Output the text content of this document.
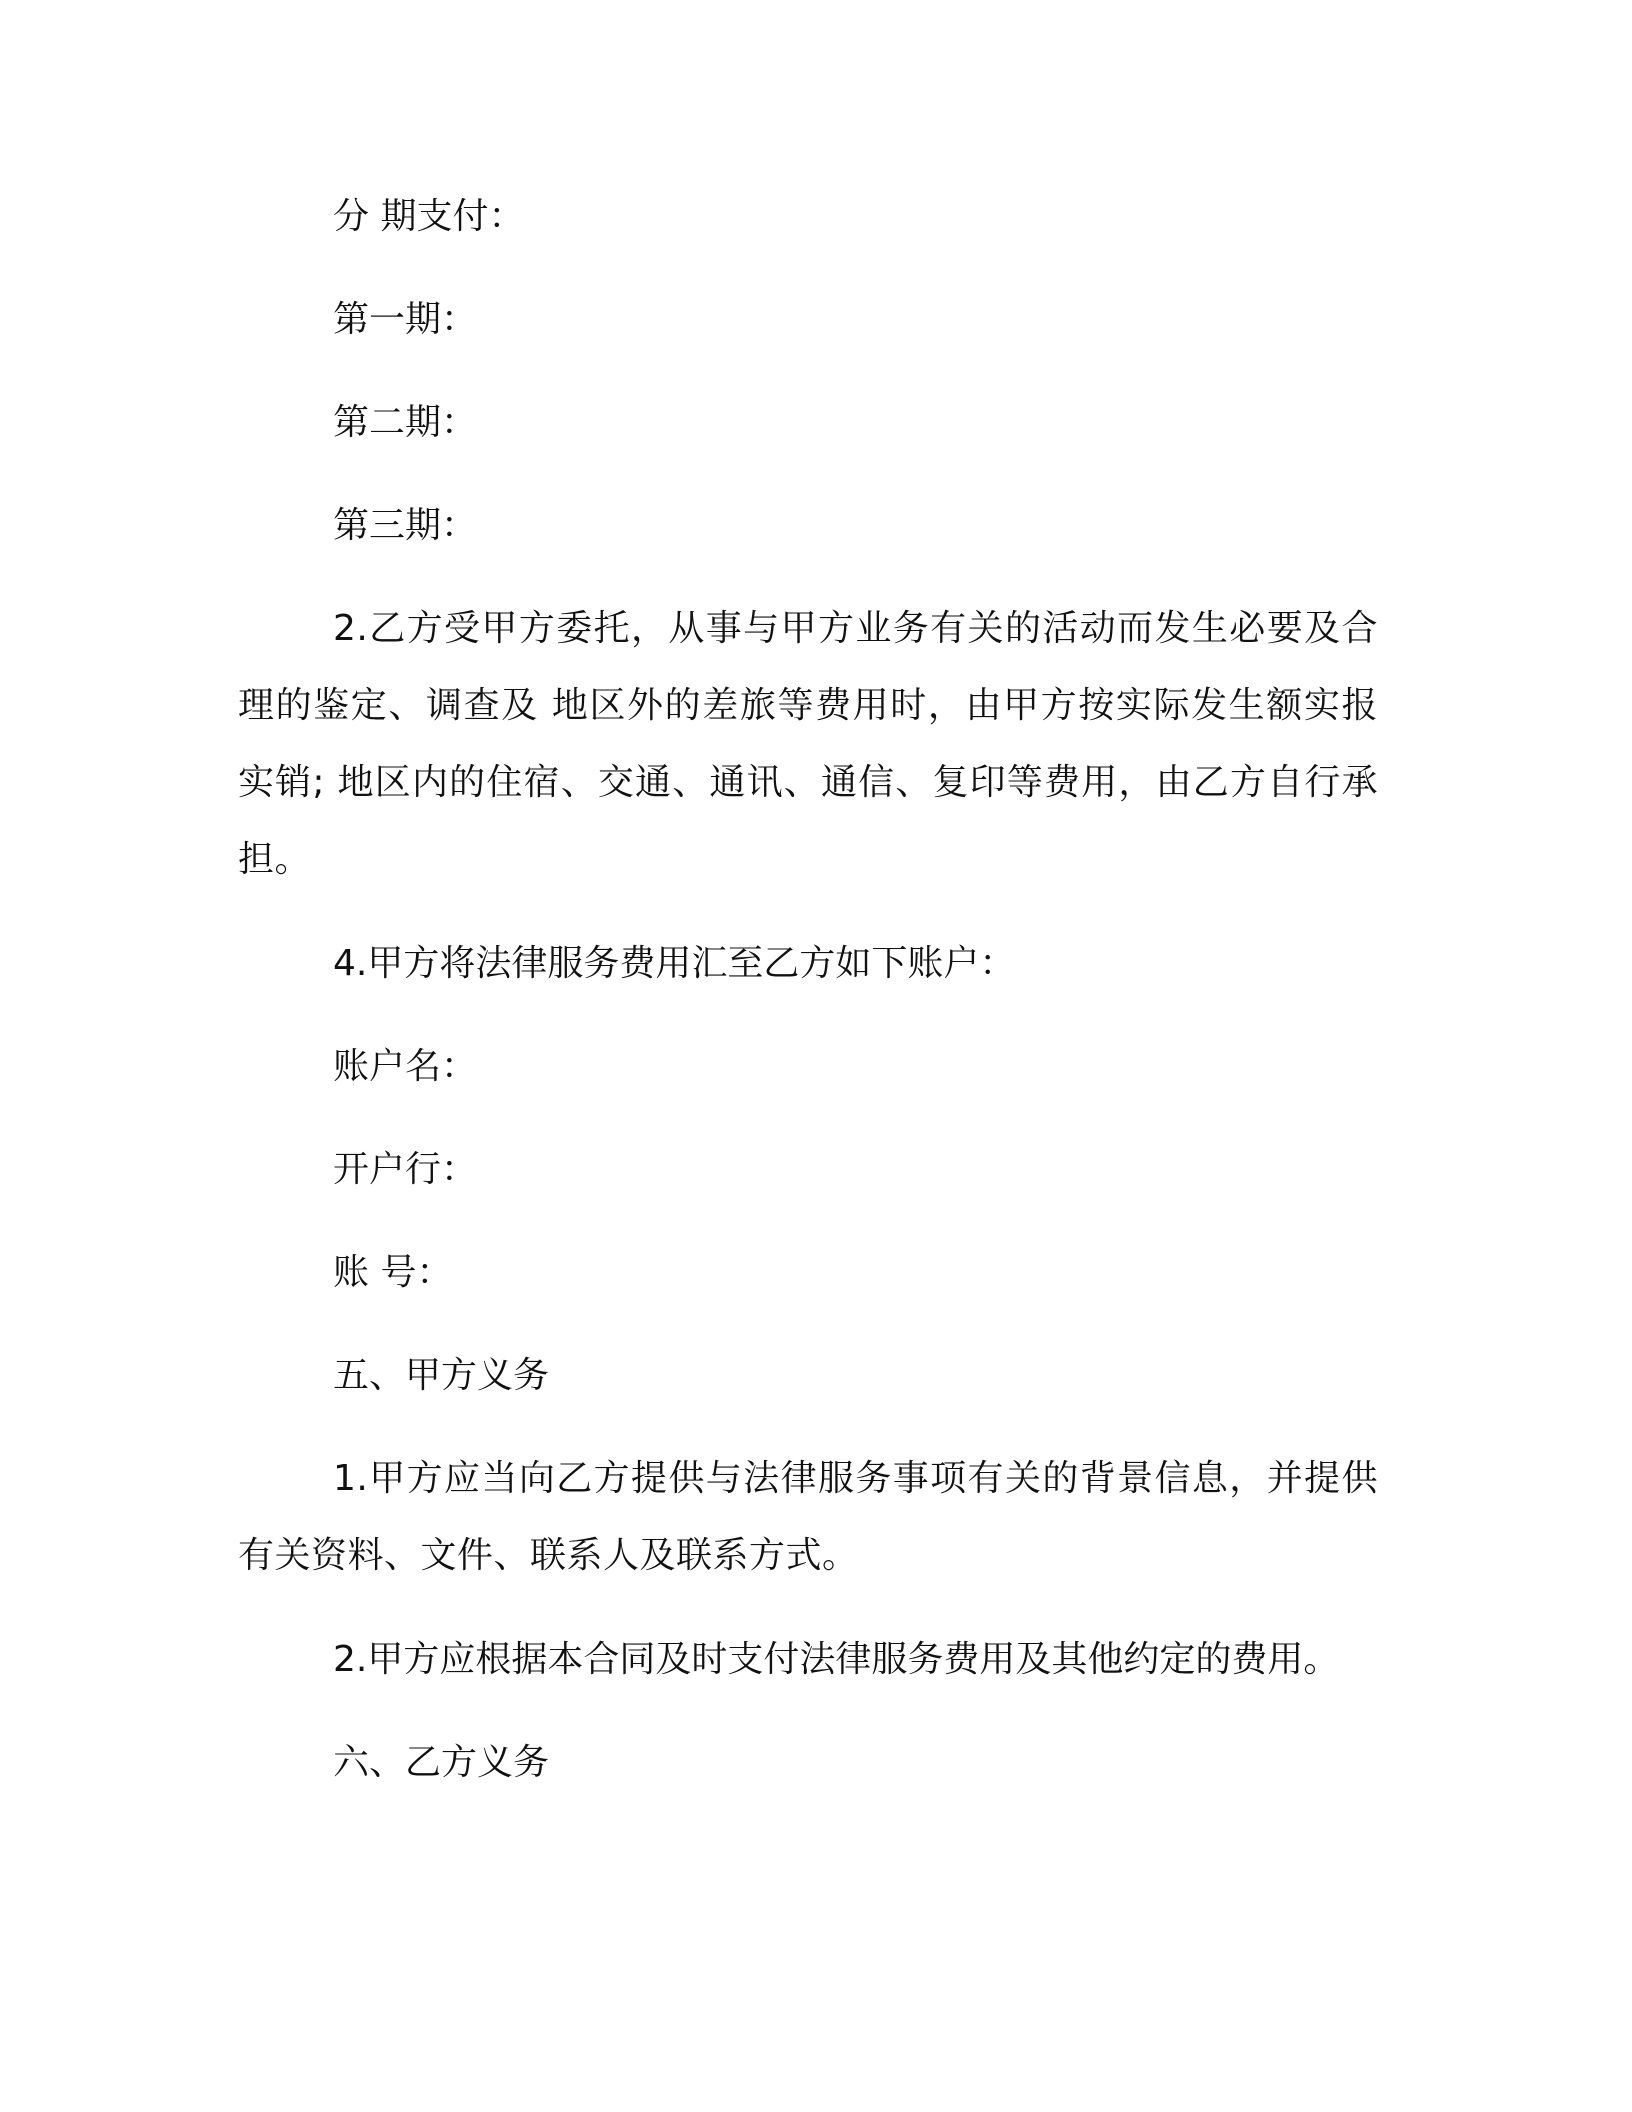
分 期支付：
第一期：
第二期：
第三期：
2.乙方受甲方委托，从事与甲方业务有关的活动而发生必要及合理的鉴定、调查及 地区外的差旅等费用时，由甲方按实际发生额实报实销; 地区内的住宿、交通、通讯、通信、复印等费用，由乙方自行承担。
4.甲方将法律服务费用汇至乙方如下账户：
账户名：
开户行：
账 号：
五、甲方义务
1.甲方应当向乙方提供与法律服务事项有关的背景信息，并提供有关资料、文件、联系人及联系方式。
2.甲方应根据本合同及时支付法律服务费用及其他约定的费用。
六、乙方义务
